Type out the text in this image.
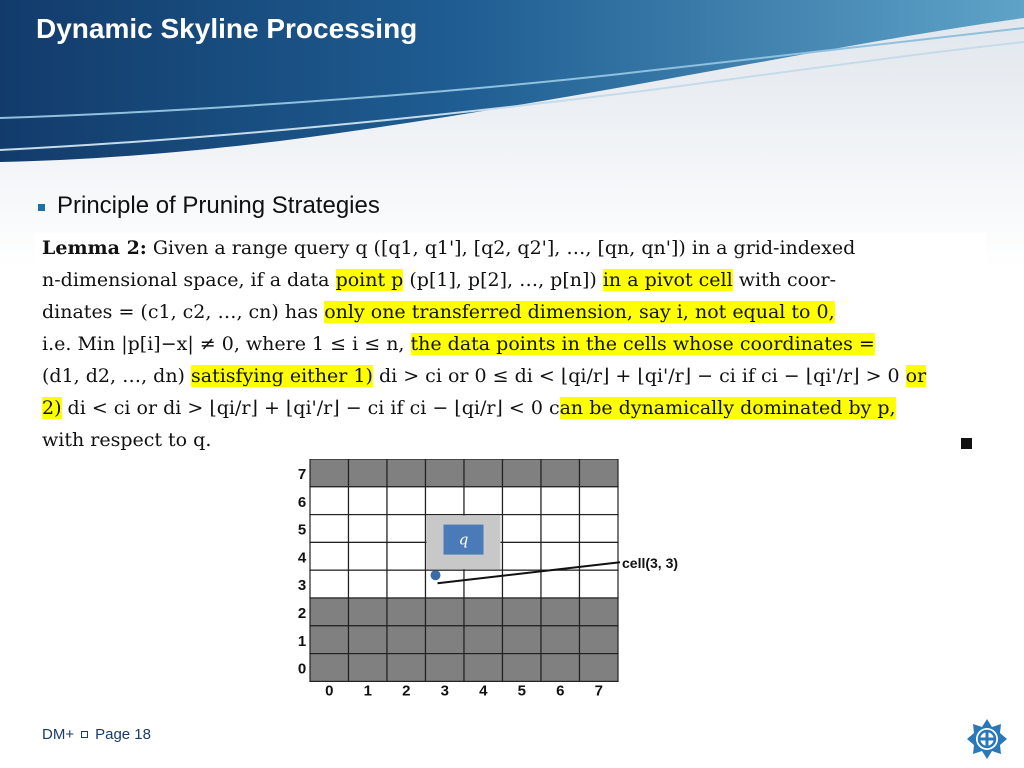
Dynamic Skyline Processing
Principle of Pruning Strategies
Lemma 2: Given a range query q ([q1, q1'], [q2, q2'], …, [qn, qn']) in a grid-indexed
n-dimensional space, if a data point p (p[1], p[2], …, p[n]) in a pivot cell with coor-
dinates = (c1, c2, …, cn) has only one transferred dimension, say i, not equal to 0,
i.e. Min |p[i]−x| ≠ 0, where 1 ≤ i ≤ n, the data points in the cells whose coordinates =
(d1, d2, …, dn) satisfying either 1) di > ci or 0 ≤ di < ⌊qi/r⌋ + ⌊qi'/r⌋ − ci if ci − ⌊qi'/r⌋ > 0 or
2) di < ci or di > ⌊qi/r⌋ + ⌊qi'/r⌋ − ci if ci − ⌊qi/r⌋ < 0 can be dynamically dominated by p,
with respect to q.
q
cell(3, 3)
7
6
5
4
3
2
1
0
0 1 2 3 4 5 6 7
DM+ Page 18
